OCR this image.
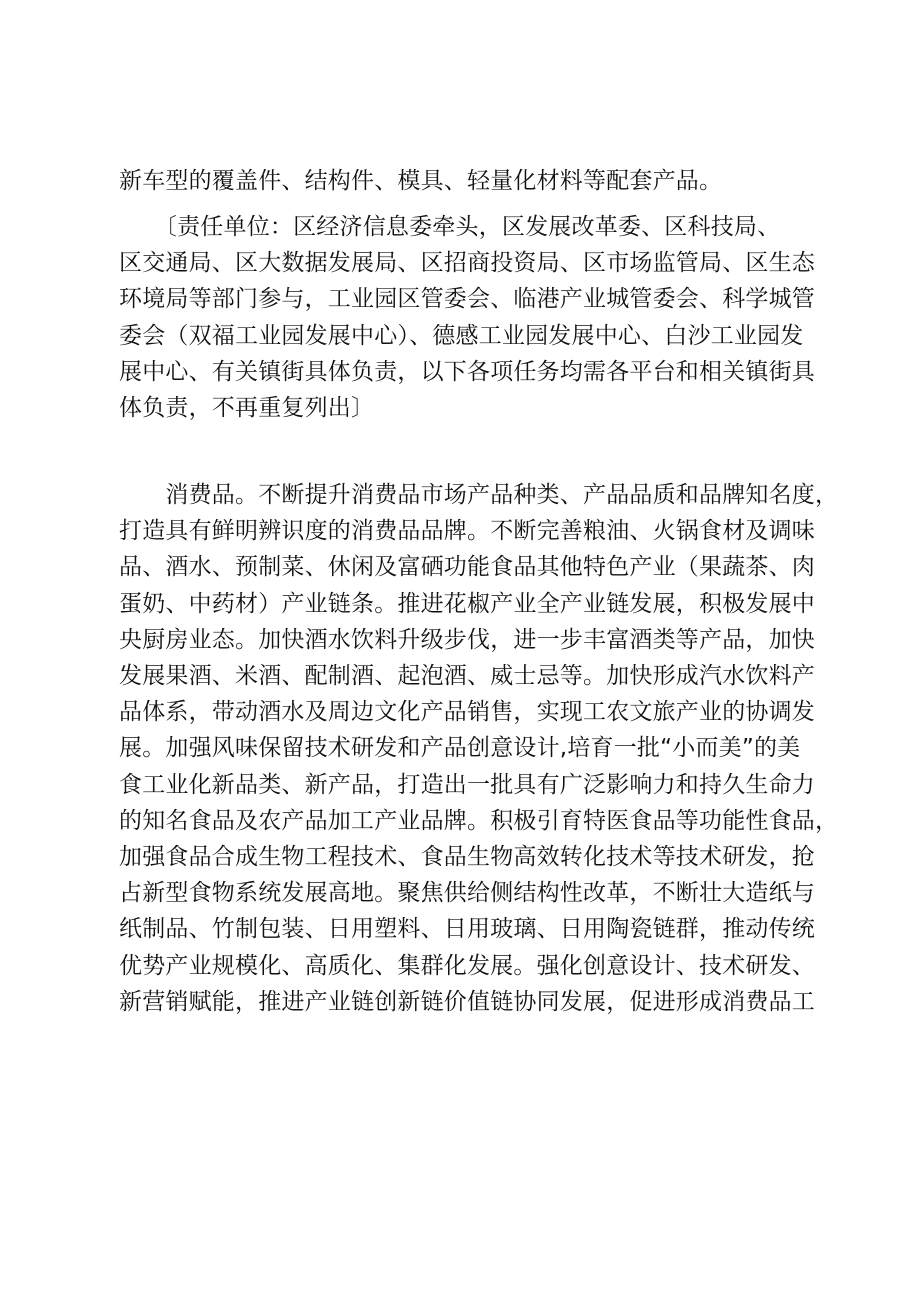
新车型的覆盖件、结构件、模具、轻量化材料等配套产品。

　　〔责任单位：区经济信息委牵头，区发展改革委、区科技局、
区交通局、区大数据发展局、区招商投资局、区市场监管局、区生态
环境局等部门参与，工业园区管委会、临港产业城管委会、科学城管
委会（双福工业园发展中心）、德感工业园发展中心、白沙工业园发
展中心、有关镇街具体负责，以下各项任务均需各平台和相关镇街具
体负责，不再重复列出〕

　　消费品。不断提升消费品市场产品种类、产品品质和品牌知名度，
打造具有鲜明辨识度的消费品品牌。不断完善粮油、火锅食材及调味
品、酒水、预制菜、休闲及富硒功能食品其他特色产业（果蔬茶、肉
蛋奶、中药材）产业链条。推进花椒产业全产业链发展，积极发展中
央厨房业态。加快酒水饮料升级步伐，进一步丰富酒类等产品，加快
发展果酒、米酒、配制酒、起泡酒、威士忌等。加快形成汽水饮料产
品体系，带动酒水及周边文化产品销售，实现工农文旅产业的协调发
展。加强风味保留技术研发和产品创意设计,培育一批“小而美”的美
食工业化新品类、新产品，打造出一批具有广泛影响力和持久生命力
的知名食品及农产品加工产业品牌。积极引育特医食品等功能性食品，
加强食品合成生物工程技术、食品生物高效转化技术等技术研发，抢
占新型食物系统发展高地。聚焦供给侧结构性改革，不断壮大造纸与
纸制品、竹制包装、日用塑料、日用玻璃、日用陶瓷链群，推动传统
优势产业规模化、高质化、集群化发展。强化创意设计、技术研发、
新营销赋能，推进产业链创新链价值链协同发展，促进形成消费品工
